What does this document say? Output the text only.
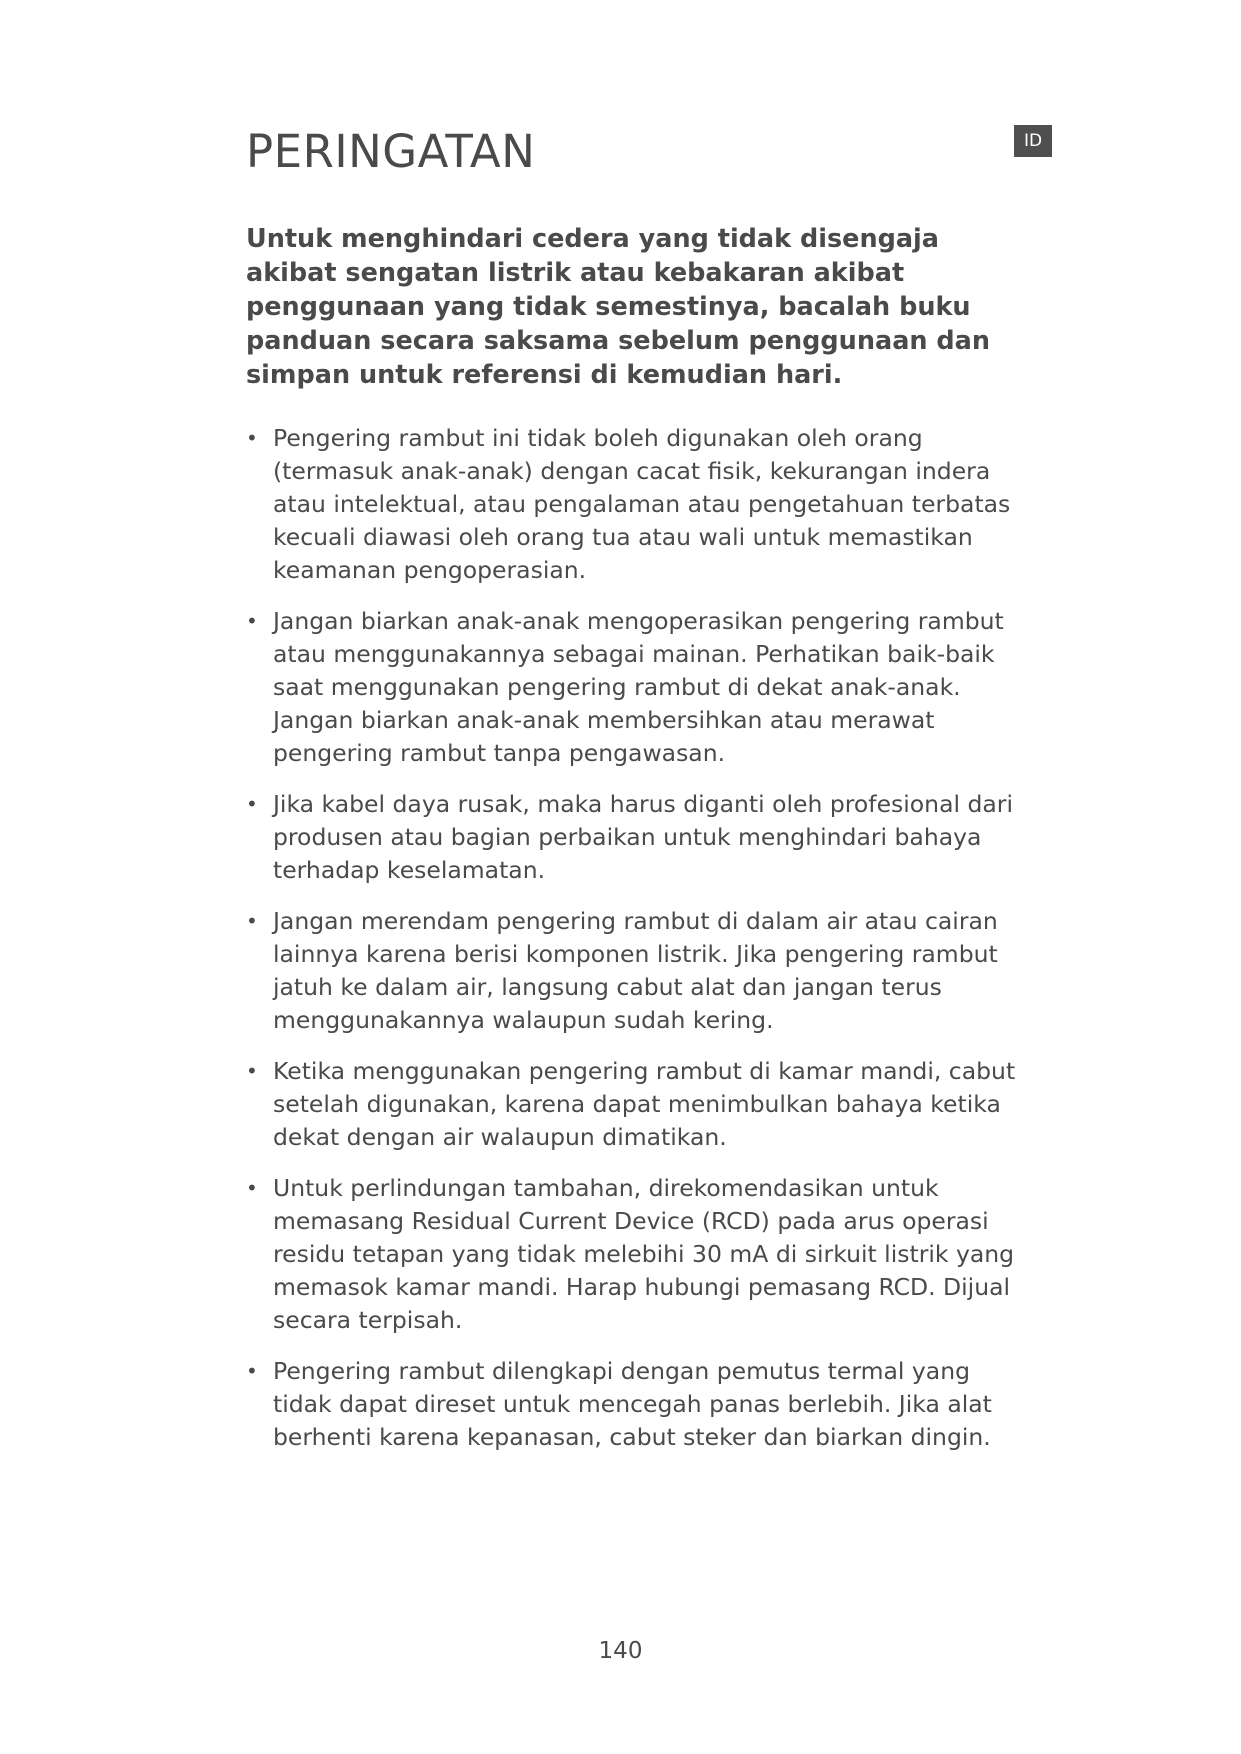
ID
PERINGATAN

Untuk menghindari cedera yang tidak disengaja akibat sengatan listrik atau kebakaran akibat penggunaan yang tidak semestinya, bacalah buku panduan secara saksama sebelum penggunaan dan simpan untuk referensi di kemudian hari.

• Pengering rambut ini tidak boleh digunakan oleh orang (termasuk anak-anak) dengan cacat fisik, kekurangan indera atau intelektual, atau pengalaman atau pengetahuan terbatas kecuali diawasi oleh orang tua atau wali untuk memastikan keamanan pengoperasian.
• Jangan biarkan anak-anak mengoperasikan pengering rambut atau menggunakannya sebagai mainan. Perhatikan baik-baik saat menggunakan pengering rambut di dekat anak-anak. Jangan biarkan anak-anak membersihkan atau merawat pengering rambut tanpa pengawasan.
• Jika kabel daya rusak, maka harus diganti oleh profesional dari produsen atau bagian perbaikan untuk menghindari bahaya terhadap keselamatan.
• Jangan merendam pengering rambut di dalam air atau cairan lainnya karena berisi komponen listrik. Jika pengering rambut jatuh ke dalam air, langsung cabut alat dan jangan terus menggunakannya walaupun sudah kering.
• Ketika menggunakan pengering rambut di kamar mandi, cabut setelah digunakan, karena dapat menimbulkan bahaya ketika dekat dengan air walaupun dimatikan.
• Untuk perlindungan tambahan, direkomendasikan untuk memasang Residual Current Device (RCD) pada arus operasi residu tetapan yang tidak melebihi 30 mA di sirkuit listrik yang memasok kamar mandi. Harap hubungi pemasang RCD. Dijual secara terpisah.
• Pengering rambut dilengkapi dengan pemutus termal yang tidak dapat direset untuk mencegah panas berlebih. Jika alat berhenti karena kepanasan, cabut steker dan biarkan dingin.
140
